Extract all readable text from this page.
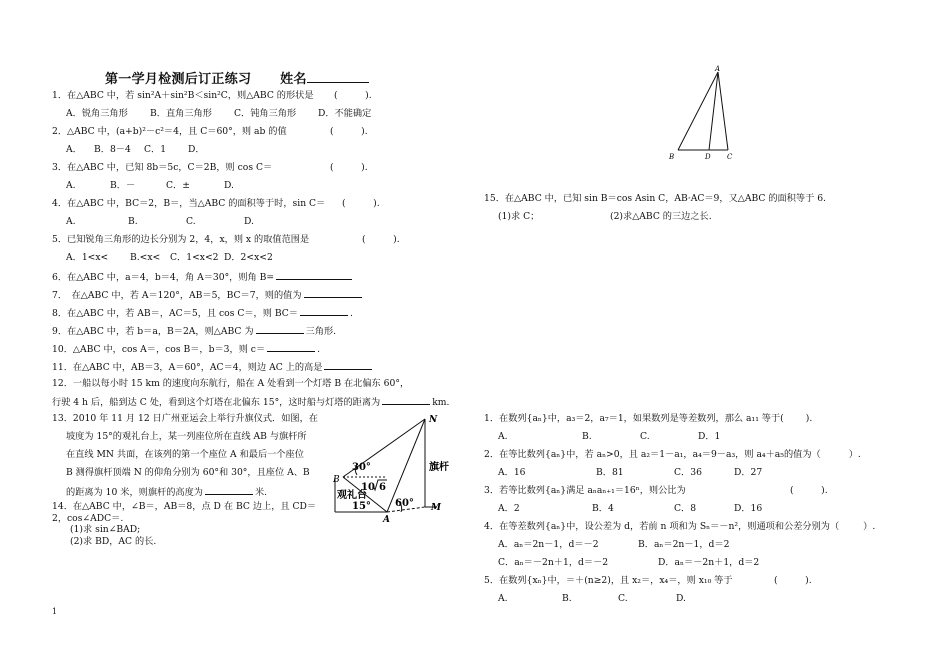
第一学月检测后订正练习 姓名
1．在△ABC 中，若 sin²A＋sin²B＜sin²C，则△ABC 的形状是 (　　　).
A．锐角三角形 B．直角三角形 C．钝角三角形 D．不能确定
2．△ABC 中，(a+b)²－c²＝4，且 C＝60°，则 ab 的值	(　　　).
A． B．8－4 C．1 D．
3．在△ABC 中，已知 8b＝5c，C＝2B，则 cos C＝	(　　　).
A.	B．－	C．±	D.
4．在△ABC 中，BC＝2，B＝，当△ABC 的面积等于时，sin C＝ (　　　).
A.	B.	C.	D.
5．已知锐角三角形的边长分别为 2，4，x，则 x 的取值范围是	(　　　).
A．1<x< B.<x< C．1<x<2 D．2<x<2
6．在△ABC 中，a＝4，b＝4，角 A＝30°，则角 B=
7．　在△ABC 中，若 A＝120°，AB＝5，BC＝7，则的值为
8．在△ABC 中，若 AB＝，AC＝5，且 cos C＝，则 BC＝	.
9．在△ABC 中，若 b＝a，B＝2A，则△ABC 为	三角形.
10．△ABC 中，cos A＝，cos B＝，b＝3，则 c＝	.
11．在△ABC 中，AB＝3，A＝60°，AC＝4，则边 AC 上的高是
12．一船以每小时 15 km 的速度向东航行，船在 A 处看到一个灯塔 B 在北偏东 60°，
行驶 4 h 后，船到达 C 处，看到这个灯塔在北偏东 15°，这时船与灯塔的距离为	km.
13．2010 年 11 月 12 日广州亚运会上举行升旗仪式．如图，在
坡度为 15°的观礼台上，某一列座位所在直线 AB 与旗杆所
在直线 MN 共面，在该列的第一个座位 A 和最后一个座位
B 测得旗杆顶端 N 的仰角分别为 60°和 30°，且座位 A、B
的距离为 10 米，则旗杆的高度为	米.
14．在△ABC 中，∠B＝，AB＝8，点 D 在 BC 边上，且 CD＝
2，cos∠ADC＝.
(1)求 sin∠BAD;
(2)求 BD，AC 的长.
B
N
A
M
30°
60°
15°
10 6
旗杆
观礼台
A
B	D C
15．在△ABC 中，已知 sin B＝cos Asin C，AB·AC＝9，又△ABC 的面积等于 6.
(1)求 C；	(2)求△ABC 的三边之长.
1．在数列{aₙ}中，a₃＝2，a₇＝1，如果数列是等差数列，那么 a₁₁ 等于( ).
A.	B.	C.	D．1
2．在等比数列{aₙ}中，若 aₙ>0，且 a₂＝1－a₁，a₄＝9－a₃，则 a₄＋a₅的值为（	）.
A．16	B．81	C．36	D．27
3．若等比数列{aₙ}满足 aₙaₙ₊₁＝16ⁿ，则公比为	(　　　).
A．2	B．4	C．8	D．16
4．在等差数列{aₙ}中，设公差为 d，若前 n 项和为 Sₙ＝－n²，则通项和公差分别为（	）.
A．aₙ＝2n－1，d＝－2	B．aₙ＝2n－1，d＝2
C．aₙ＝－2n＋1，d＝－2	D．aₙ＝－2n＋1，d＝2
5．在数列{xₙ}中，＝＋(n≥2)，且 x₂＝，x₄＝，则 x₁₀ 等于	(　　　).
A.	B.	C.	D.
1
